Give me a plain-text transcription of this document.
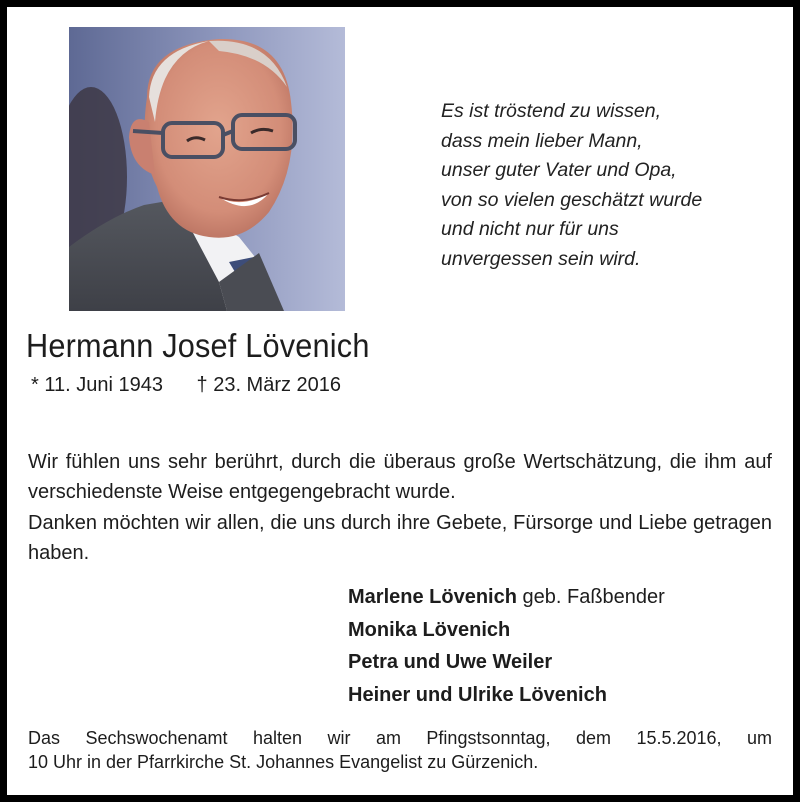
Es ist tröstend zu wissen,
dass mein lieber Mann,
unser guter Vater und Opa,
von so vielen geschätzt wurde
und nicht nur für uns
unvergessen sein wird.
Hermann Josef Lövenich
* 11. Juni 1943 † 23. März 2016
Wir fühlen uns sehr berührt, durch die überaus große Wertschätzung, die ihm auf verschiedenste Weise entgegengebracht wurde.
Danken möchten wir allen, die uns durch ihre Gebete, Fürsorge und Liebe getragen haben.
Marlene Lövenich geb. Faßbender
Monika Lövenich
Petra und Uwe Weiler
Heiner und Ulrike Lövenich
Das Sechswochenamt halten wir am Pfingstsonntag, dem 15.5.2016, um
10 Uhr in der Pfarrkirche St. Johannes Evangelist zu Gürzenich.
